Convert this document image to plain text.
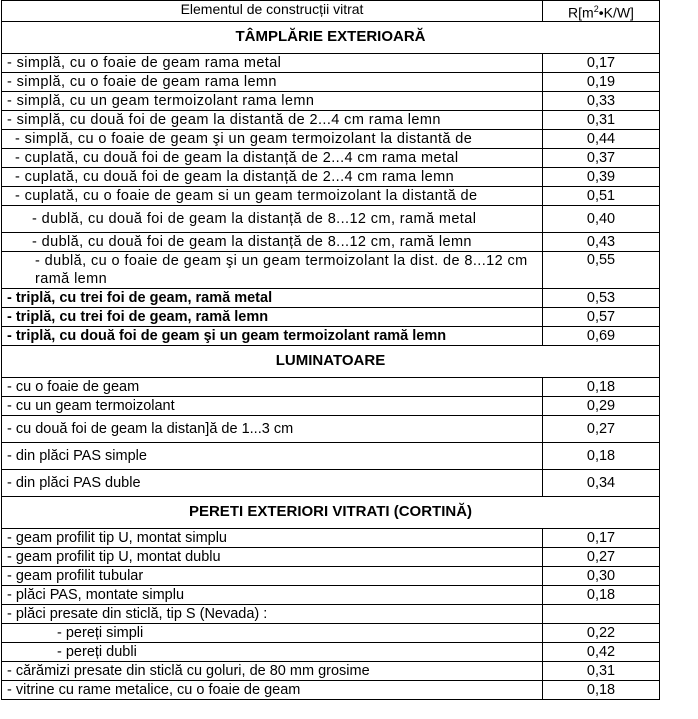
Elementul de construcții vitrat	$R[m^2•K/W]$
TÂMPLĂRIE EXTERIOARĂ	
- simplă, cu o foaie de geam rama metal	0,17
- simplă, cu o foaie de geam rama lemn	0,19
- simplă, cu un geam termoizolant rama lemn	0,33
- simplă, cu două foi de geam la distantă de 2...4 cm rama lemn	0,31
- simplă, cu o foaie de geam şi un geam termoizolant la distantă de	0,44
- cuplată, cu două foi de geam la distanță de 2...4 cm rama metal	0,37
- cuplată, cu două foi de geam la distanță de 2...4 cm rama lemn	0,39
- cuplată, cu o foaie de geam si un geam termoizolant la distantă de	0,51
- dublă, cu două foi de geam la distanță de 8...12 cm, ramă metal	0,40
- dublă, cu două foi de geam la distanță de 8...12 cm, ramă lemn	0,43
- dublă, cu o foaie de geam şi un geam termoizolant la dist. de 8...12 cm ramă lemn	0,55
- triplă, cu trei foi de geam, ramă metal	0,53
- triplă, cu trei foi de geam, ramă lemn	0,57
- triplă, cu două foi de geam şi un geam termoizolant ramă lemn	0,69
LUMINATOARE	
- cu o foaie de geam	0,18
- cu un geam termoizolant	0,29
- cu două foi de geam la distan]ă de 1...3 cm	0,27
- din plăci PAS simple	0,18
- din plăci PAS duble	0,34
PERETI EXTERIORI VITRATI (CORTINĂ)	
- geam profilit tip U, montat simplu	0,17
- geam profilit tip U, montat dublu	0,27
- geam profilit tubular	0,30
- plăci PAS, montate simplu	0,18
- plăci presate din sticlă, tip S (Nevada) :	
- pereți simpli	0,22
- pereți dubli	0,42
- cărămizi presate din sticlă cu goluri, de 80 mm grosime	0,31
- vitrine cu rame metalice, cu o foaie de geam	0,18
